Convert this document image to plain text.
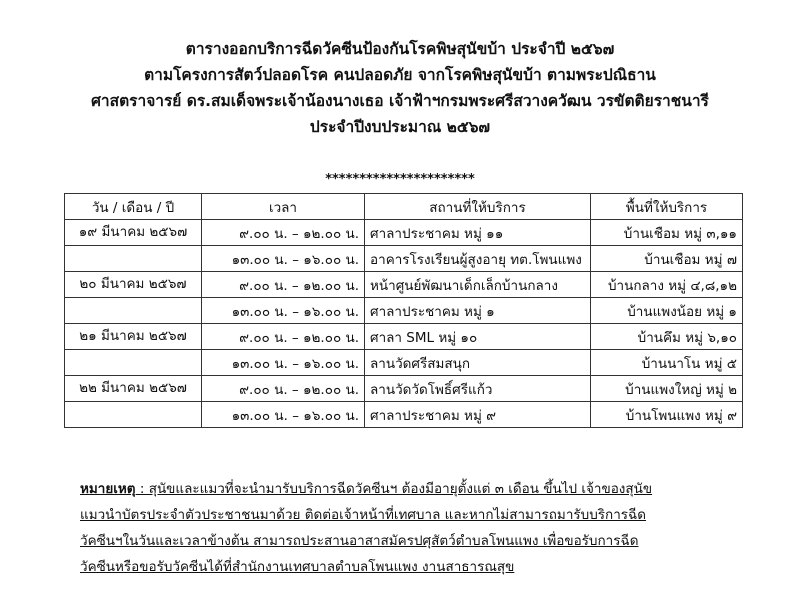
ตารางออกบริการฉีดวัคซีนป้องกันโรคพิษสุนัขบ้า ประจำปี ๒๕๖๗
ตามโครงการสัตว์ปลอดโรค คนปลอดภัย จากโรคพิษสุนัขบ้า ตามพระปณิธาน
ศาสตราจารย์ ดร.สมเด็จพระเจ้าน้องนางเธอ เจ้าฟ้าฯกรมพระศรีสวางควัฒน วรขัตติยราชนารี
ประจำปีงบประมาณ ๒๕๖๗
**********************
วัน / เดือน / ปี	เวลา	สถานที่ให้บริการ	พื้นที่ให้บริการ
๑๙ มีนาคม ๒๕๖๗	๙.๐๐ น. – ๑๒.๐๐ น.	ศาลาประชาคม หมู่ ๑๑	บ้านเชือม หมู่ ๓,๑๑
	๑๓.๐๐ น. – ๑๖.๐๐ น.	อาคารโรงเรียนผู้สูงอายุ ทต.โพนแพง	บ้านเชือม หมู่ ๗
๒๐ มีนาคม ๒๕๖๗	๙.๐๐ น. – ๑๒.๐๐ น.	หน้าศูนย์พัฒนาเด็กเล็กบ้านกลาง	บ้านกลาง หมู่ ๔,๘,๑๒
	๑๓.๐๐ น. – ๑๖.๐๐ น.	ศาลาประชาคม หมู่ ๑	บ้านแพงน้อย หมู่ ๑
๒๑ มีนาคม ๒๕๖๗	๙.๐๐ น. – ๑๒.๐๐ น.	ศาลา SML หมู่ ๑๐	บ้านคึม หมู่ ๖,๑๐
	๑๓.๐๐ น. – ๑๖.๐๐ น.	ลานวัดศรีสมสนุก	บ้านนาโน หมู่ ๕
๒๒ มีนาคม ๒๕๖๗	๙.๐๐ น. – ๑๒.๐๐ น.	ลานวัดวัดโพธิ์ศรีแก้ว	บ้านแพงใหญ่ หมู่ ๒
	๑๓.๐๐ น. – ๑๖.๐๐ น.	ศาลาประชาคม หมู่ ๙	บ้านโพนแพง หมู่ ๙
หมายเหตุ : สุนัขและแมวที่จะนำมารับบริการฉีดวัคซีนฯ ต้องมีอายุตั้งแต่ ๓ เดือน ขึ้นไป เจ้าของสุนัข
แมวนำบัตรประจำตัวประชาชนมาด้วย ติดต่อเจ้าหน้าที่เทศบาล และหากไม่สามารถมารับบริการฉีด
วัคซีนฯในวันและเวลาข้างต้น สามารถประสานอาสาสมัครปศุสัตว์ตำบลโพนแพง เพื่อขอรับการฉีด
วัคซีนหรือขอรับวัคซีนได้ที่สำนักงานเทศบาลตำบลโพนแพง งานสาธารณสุข
